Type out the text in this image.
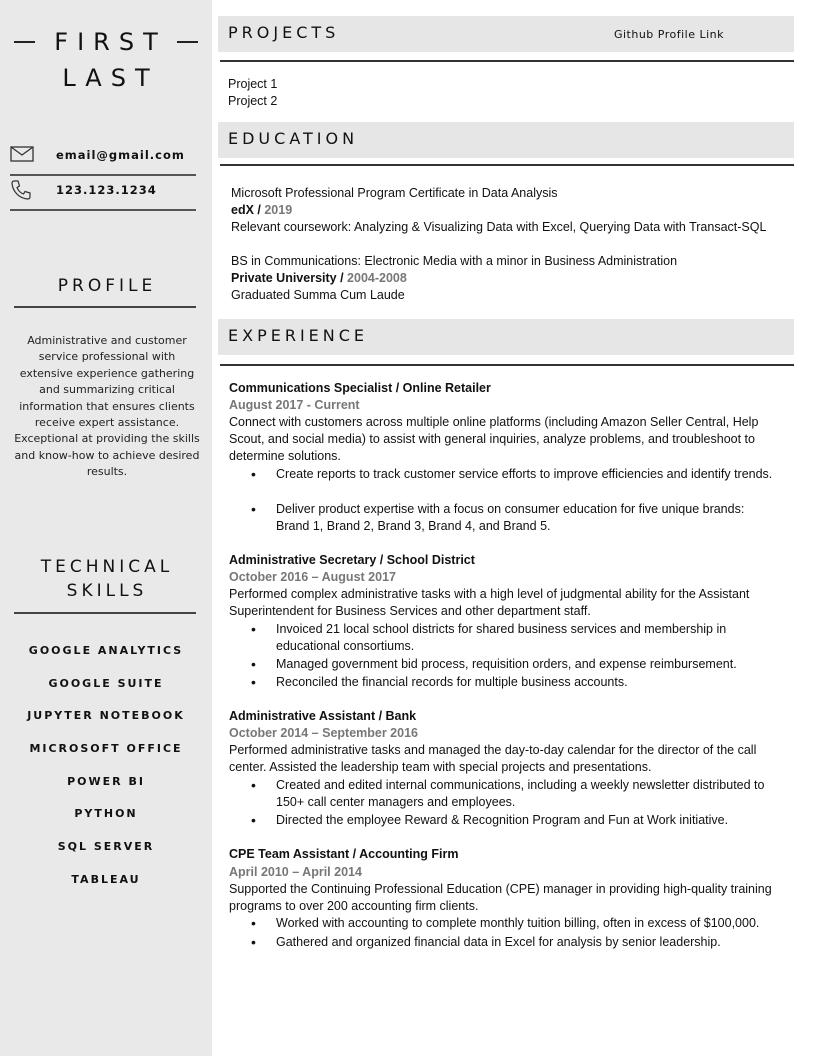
FIRST
LAST
email@gmail.com
123.123.1234
PROFILE
Administrative and customer service professional with extensive experience gathering and summarizing critical information that ensures clients receive expert assistance. Exceptional at providing the skills and know-how to achieve desired results.
TECHNICAL
SKILLS
GOOGLE ANALYTICS
GOOGLE SUITE
JUPYTER NOTEBOOK
MICROSOFT OFFICE
POWER BI
PYTHON
SQL SERVER
TABLEAU
PROJECTS	Github Profile Link
Project 1
Project 2
EDUCATION
Microsoft Professional Program Certificate in Data Analysis
edX / 2019
Relevant coursework: Analyzing & Visualizing Data with Excel, Querying Data with Transact-SQL
BS in Communications: Electronic Media with a minor in Business Administration
Private University / 2004-2008
Graduated Summa Cum Laude
EXPERIENCE
Communications Specialist / Online Retailer
August 2017 - Current
Connect with customers across multiple online platforms (including Amazon Seller Central, Help Scout, and social media) to assist with general inquiries, analyze problems, and troubleshoot to determine solutions.
• Create reports to track customer service efforts to improve efficiencies and identify trends.
• Deliver product expertise with a focus on consumer education for five unique brands: Brand 1, Brand 2, Brand 3, Brand 4, and Brand 5.
Administrative Secretary / School District
October 2016 – August 2017
Performed complex administrative tasks with a high level of judgmental ability for the Assistant Superintendent for Business Services and other department staff.
• Invoiced 21 local school districts for shared business services and membership in educational consortiums.
• Managed government bid process, requisition orders, and expense reimbursement.
• Reconciled the financial records for multiple business accounts.
Administrative Assistant / Bank
October 2014 – September 2016
Performed administrative tasks and managed the day-to-day calendar for the director of the call center. Assisted the leadership team with special projects and presentations.
• Created and edited internal communications, including a weekly newsletter distributed to 150+ call center managers and employees.
• Directed the employee Reward & Recognition Program and Fun at Work initiative.
CPE Team Assistant / Accounting Firm
April 2010 – April 2014
Supported the Continuing Professional Education (CPE) manager in providing high-quality training programs to over 200 accounting firm clients.
• Worked with accounting to complete monthly tuition billing, often in excess of $100,000.
• Gathered and organized financial data in Excel for analysis by senior leadership.
